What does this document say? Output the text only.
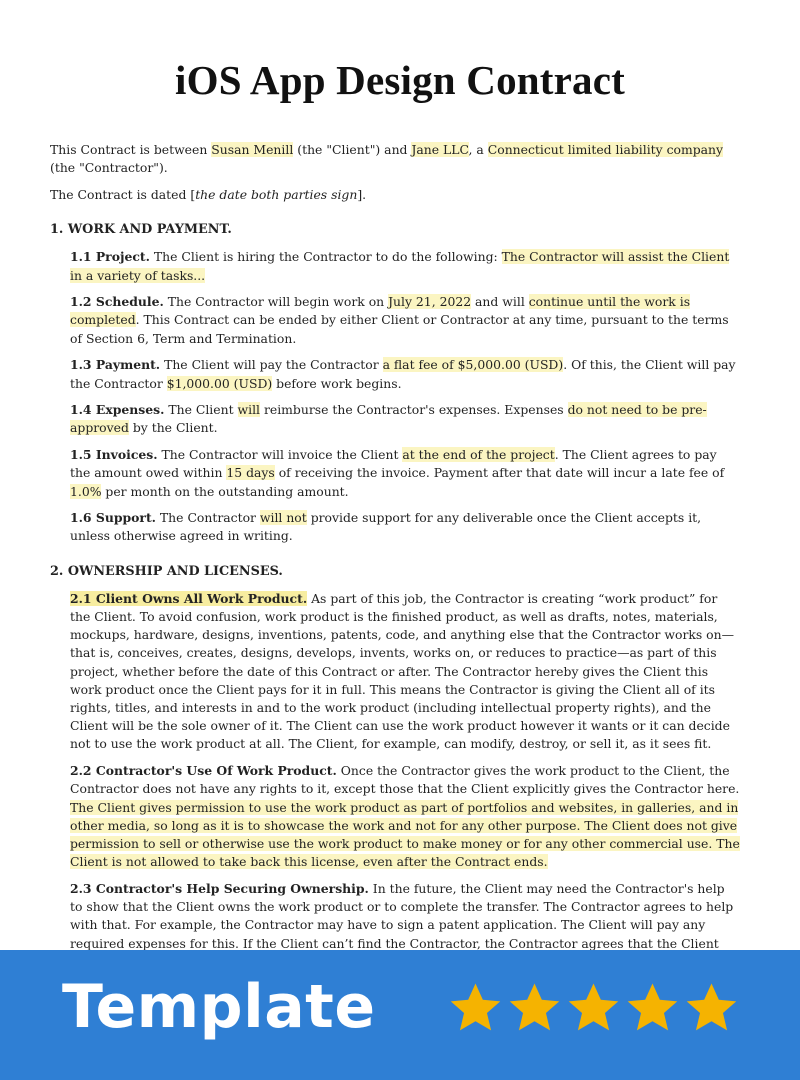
iOS App Design Contract

This Contract is between Susan Menill (the "Client") and Jane LLC, a Connecticut limited liability company (the "Contractor").

The Contract is dated [the date both parties sign].

1. WORK AND PAYMENT.

1.1 Project. The Client is hiring the Contractor to do the following: The Contractor will assist the Client in a variety of tasks...

1.2 Schedule. The Contractor will begin work on July 21, 2022 and will continue until the work is completed. This Contract can be ended by either Client or Contractor at any time, pursuant to the terms of Section 6, Term and Termination.

1.3 Payment. The Client will pay the Contractor a flat fee of $5,000.00 (USD). Of this, the Client will pay the Contractor $1,000.00 (USD) before work begins.

1.4 Expenses. The Client will reimburse the Contractor's expenses. Expenses do not need to be pre-approved by the Client.

1.5 Invoices. The Contractor will invoice the Client at the end of the project. The Client agrees to pay the amount owed within 15 days of receiving the invoice. Payment after that date will incur a late fee of 1.0% per month on the outstanding amount.

1.6 Support. The Contractor will not provide support for any deliverable once the Client accepts it, unless otherwise agreed in writing.

2. OWNERSHIP AND LICENSES.

2.1 Client Owns All Work Product. As part of this job, the Contractor is creating “work product” for the Client. To avoid confusion, work product is the finished product, as well as drafts, notes, materials, mockups, hardware, designs, inventions, patents, code, and anything else that the Contractor works on—that is, conceives, creates, designs, develops, invents, works on, or reduces to practice—as part of this project, whether before the date of this Contract or after. The Contractor hereby gives the Client this work product once the Client pays for it in full. This means the Contractor is giving the Client all of its rights, titles, and interests in and to the work product (including intellectual property rights), and the Client will be the sole owner of it. The Client can use the work product however it wants or it can decide not to use the work product at all. The Client, for example, can modify, destroy, or sell it, as it sees fit.

2.2 Contractor's Use Of Work Product. Once the Contractor gives the work product to the Client, the Contractor does not have any rights to it, except those that the Client explicitly gives the Contractor here. The Client gives permission to use the work product as part of portfolios and websites, in galleries, and in other media, so long as it is to showcase the work and not for any other purpose. The Client does not give permission to sell or otherwise use the work product to make money or for any other commercial use. The Client is not allowed to take back this license, even after the Contract ends.

2.3 Contractor's Help Securing Ownership. In the future, the Client may need the Contractor's help to show that the Client owns the work product or to complete the transfer. The Contractor agrees to help with that. For example, the Contractor may have to sign a patent application. The Client will pay any required expenses for this. If the Client can’t find the Contractor, the Contractor agrees that the Client

Template
